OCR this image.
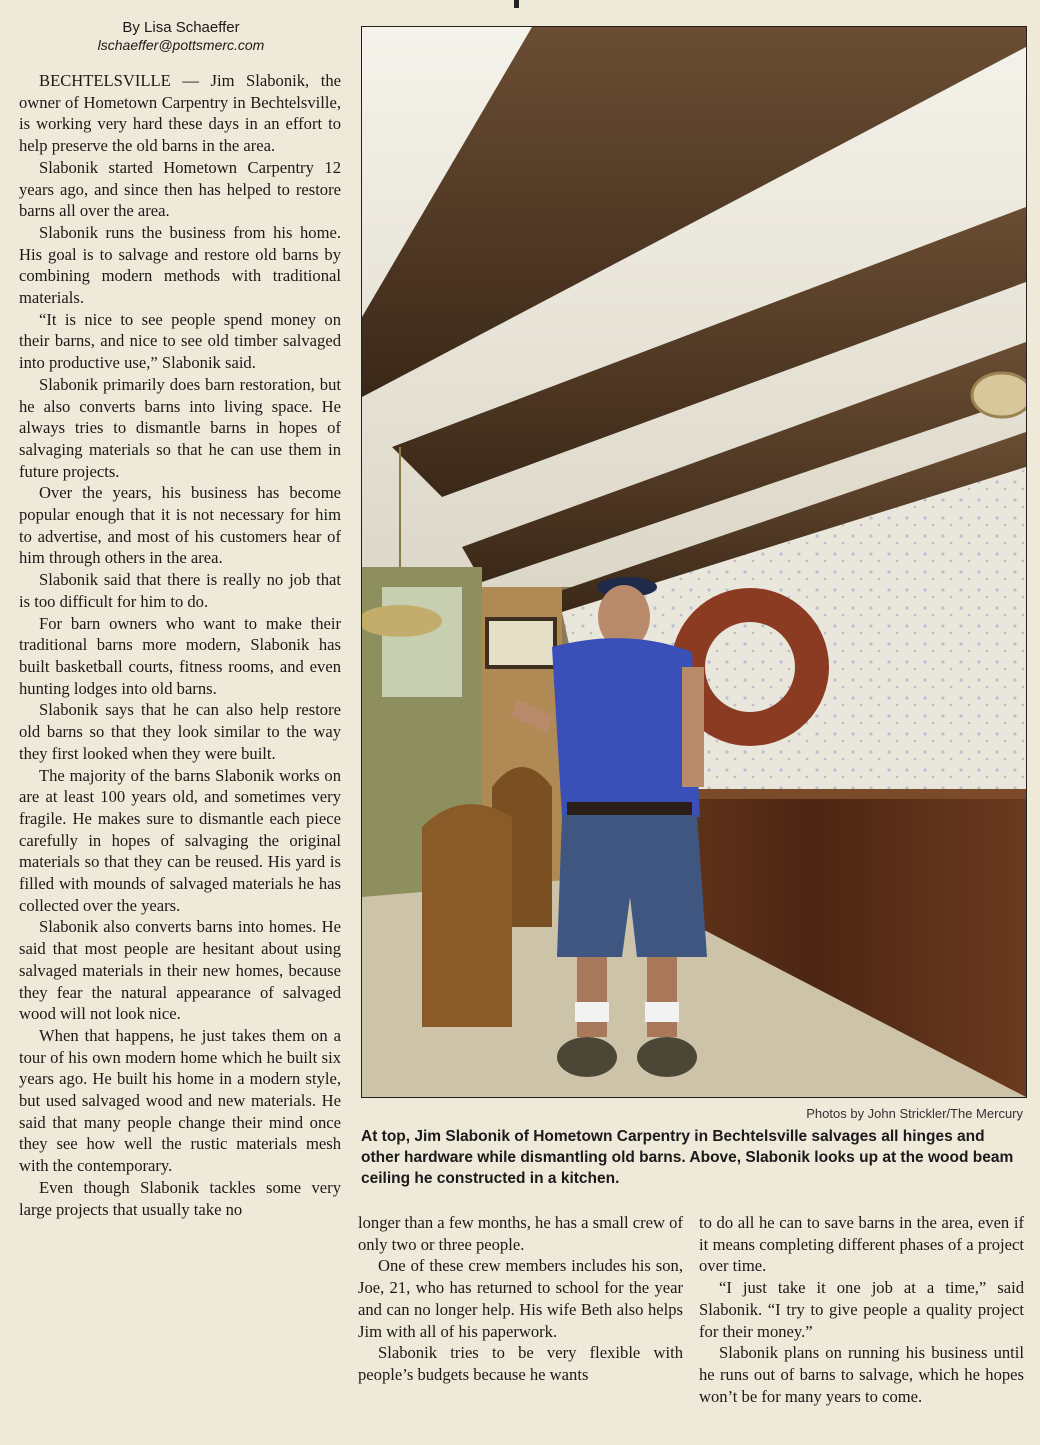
By Lisa Schaeffer
lschaeffer@pottsmerc.com

BECHTELSVILLE — Jim Slabonik, the owner of Hometown Carpentry in Bechtelsville, is working very hard these days in an effort to help preserve the old barns in the area.

Slabonik started Hometown Carpentry 12 years ago, and since then has helped to restore barns all over the area.

Slabonik runs the business from his home. His goal is to salvage and restore old barns by combining modern methods with traditional materials.

“It is nice to see people spend money on their barns, and nice to see old timber salvaged into productive use,” Slabonik said.

Slabonik primarily does barn restoration, but he also converts barns into living space. He always tries to dismantle barns in hopes of salvaging materials so that he can use them in future projects.

Over the years, his business has become popular enough that it is not necessary for him to advertise, and most of his customers hear of him through others in the area.

Slabonik said that there is really no job that is too difficult for him to do.

For barn owners who want to make their traditional barns more modern, Slabonik has built basketball courts, fitness rooms, and even hunting lodges into old barns.

Slabonik says that he can also help restore old barns so that they look similar to the way they first looked when they were built.

The majority of the barns Slabonik works on are at least 100 years old, and sometimes very fragile. He makes sure to dismantle each piece carefully in hopes of salvaging the original materials so that they can be reused. His yard is filled with mounds of salvaged materials he has collected over the years.

Slabonik also converts barns into homes. He said that most people are hesitant about using salvaged materials in their new homes, because they fear the natural appearance of salvaged wood will not look nice.

When that happens, he just takes them on a tour of his own modern home which he built six years ago. He built his home in a modern style, but used salvaged wood and new materials. He said that many people change their mind once they see how well the rustic materials mesh with the contemporary.

Even though Slabonik tackles some very large projects that usually take no

Photos by John Strickler/The Mercury
At top, Jim Slabonik of Hometown Carpentry in Bechtelsville salvages all hinges and other hardware while dismantling old barns. Above, Slabonik looks up at the wood beam ceiling he constructed in a kitchen.

longer than a few months, he has a small crew of only two or three people.

One of these crew members includes his son, Joe, 21, who has returned to school for the year and can no longer help. His wife Beth also helps Jim with all of his paperwork.

Slabonik tries to be very flexible with people’s budgets because he wants

to do all he can to save barns in the area, even if it means completing different phases of a project over time.

“I just take it one job at a time,” said Slabonik. “I try to give people a quality project for their money.”

Slabonik plans on running his business until he runs out of barns to salvage, which he hopes won’t be for many years to come.
